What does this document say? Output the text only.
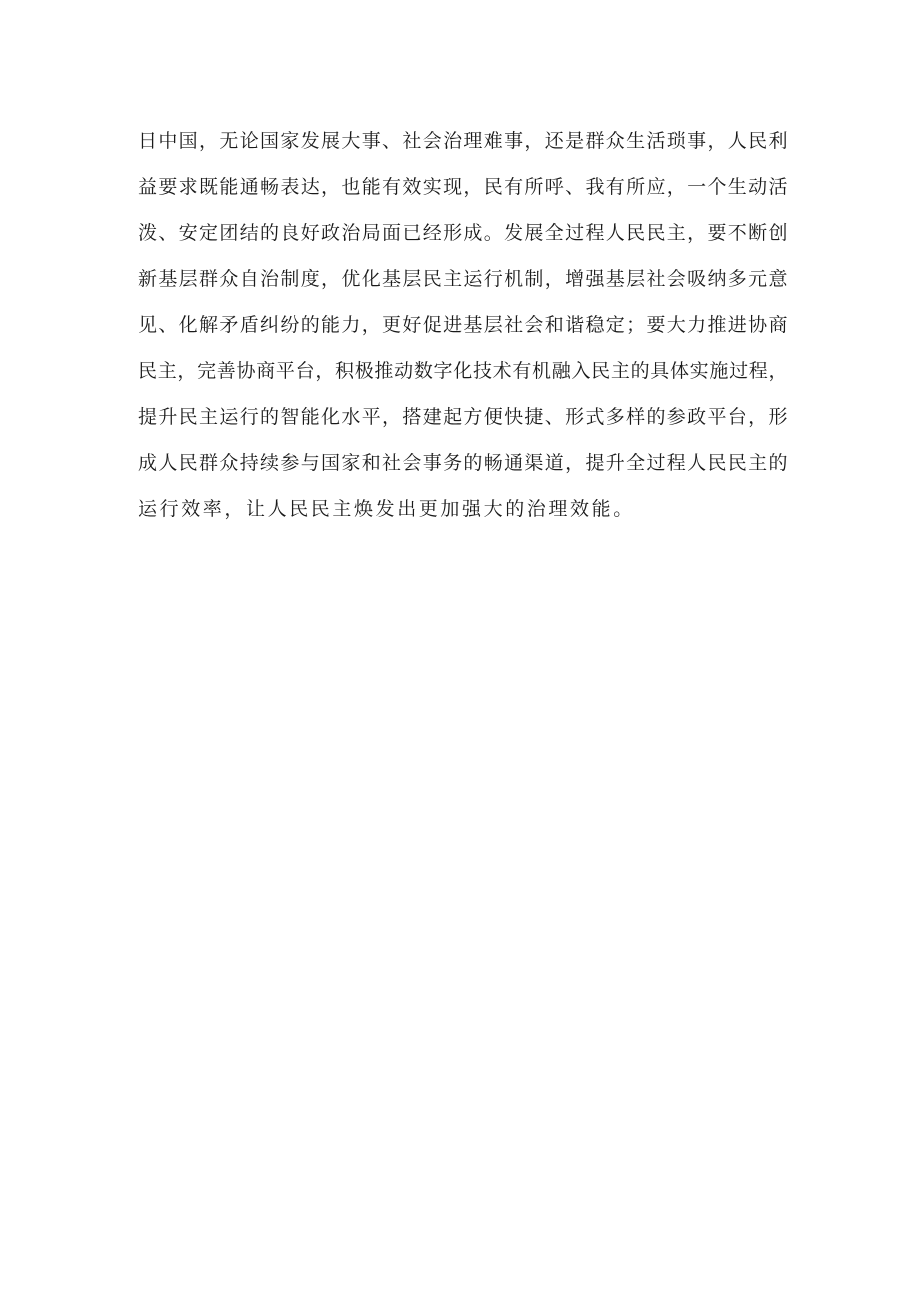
日中国，无论国家发展大事、社会治理难事，还是群众生活琐事，人民利
益要求既能通畅表达，也能有效实现，民有所呼、我有所应，一个生动活
泼、安定团结的良好政治局面已经形成。发展全过程人民民主，要不断创
新基层群众自治制度，优化基层民主运行机制，增强基层社会吸纳多元意
见、化解矛盾纠纷的能力，更好促进基层社会和谐稳定；要大力推进协商
民主，完善协商平台，积极推动数字化技术有机融入民主的具体实施过程，
提升民主运行的智能化水平，搭建起方便快捷、形式多样的参政平台，形
成人民群众持续参与国家和社会事务的畅通渠道，提升全过程人民民主的
运行效率，让人民民主焕发出更加强大的治理效能。
